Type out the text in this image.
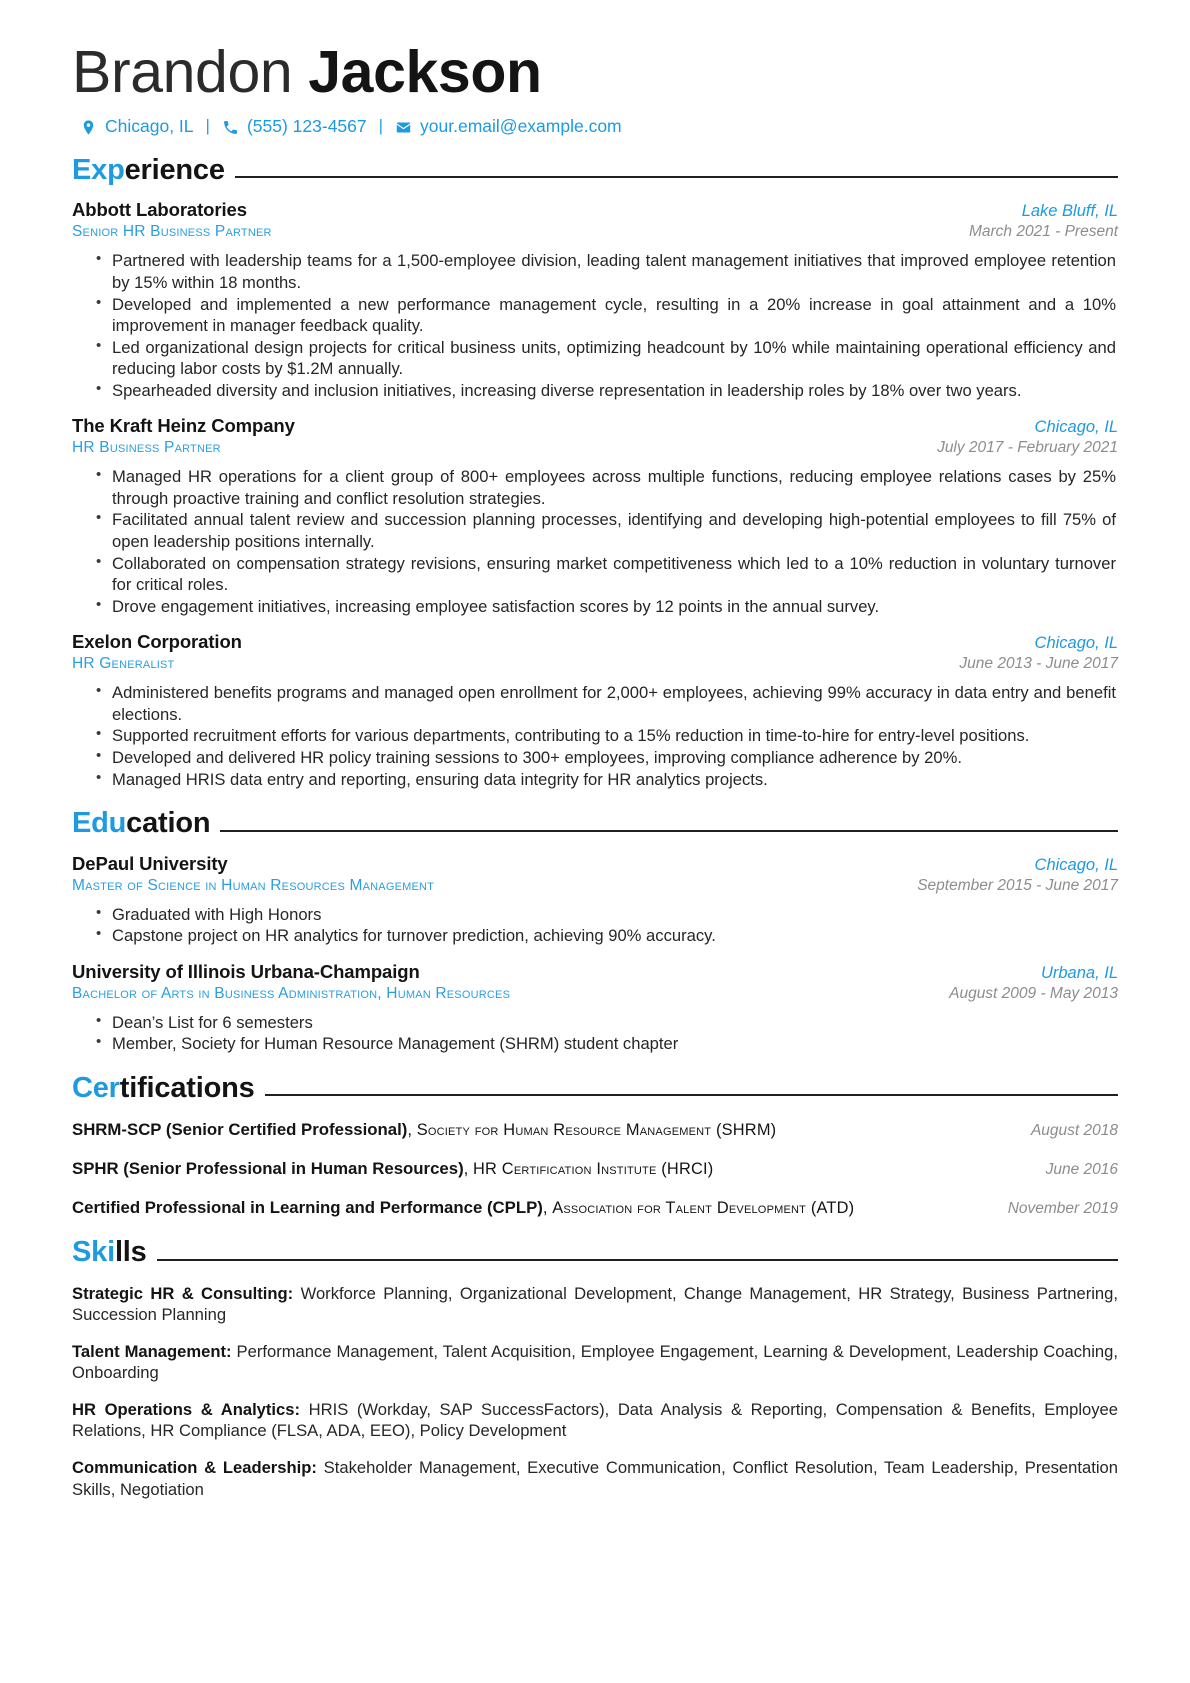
Brandon Jackson
Chicago, IL | (555) 123-4567 | your.email@example.com
Experience
Abbott Laboratories	Lake Bluff, IL
Senior HR Business Partner	March 2021 - Present
• Partnered with leadership teams for a 1,500-employee division, leading talent management initiatives that improved employee retention by 15% within 18 months.
• Developed and implemented a new performance management cycle, resulting in a 20% increase in goal attainment and a 10% improvement in manager feedback quality.
• Led organizational design projects for critical business units, optimizing headcount by 10% while maintaining operational efficiency and reducing labor costs by $1.2M annually.
• Spearheaded diversity and inclusion initiatives, increasing diverse representation in leadership roles by 18% over two years.
The Kraft Heinz Company	Chicago, IL
HR Business Partner	July 2017 - February 2021
• Managed HR operations for a client group of 800+ employees across multiple functions, reducing employee relations cases by 25% through proactive training and conflict resolution strategies.
• Facilitated annual talent review and succession planning processes, identifying and developing high-potential employees to fill 75% of open leadership positions internally.
• Collaborated on compensation strategy revisions, ensuring market competitiveness which led to a 10% reduction in voluntary turnover for critical roles.
• Drove engagement initiatives, increasing employee satisfaction scores by 12 points in the annual survey.
Exelon Corporation	Chicago, IL
HR Generalist	June 2013 - June 2017
• Administered benefits programs and managed open enrollment for 2,000+ employees, achieving 99% accuracy in data entry and benefit elections.
• Supported recruitment efforts for various departments, contributing to a 15% reduction in time-to-hire for entry-level positions.
• Developed and delivered HR policy training sessions to 300+ employees, improving compliance adherence by 20%.
• Managed HRIS data entry and reporting, ensuring data integrity for HR analytics projects.
Education
DePaul University	Chicago, IL
Master of Science in Human Resources Management	September 2015 - June 2017
• Graduated with High Honors
• Capstone project on HR analytics for turnover prediction, achieving 90% accuracy.
University of Illinois Urbana-Champaign	Urbana, IL
Bachelor of Arts in Business Administration, Human Resources	August 2009 - May 2013
• Dean’s List for 6 semesters
• Member, Society for Human Resource Management (SHRM) student chapter
Certifications
SHRM-SCP (Senior Certified Professional), Society for Human Resource Management (SHRM)	August 2018
SPHR (Senior Professional in Human Resources), HR Certification Institute (HRCI)	June 2016
Certified Professional in Learning and Performance (CPLP), Association for Talent Development (ATD)	November 2019
Skills
Strategic HR & Consulting: Workforce Planning, Organizational Development, Change Management, HR Strategy, Business Partnering, Succession Planning
Talent Management: Performance Management, Talent Acquisition, Employee Engagement, Learning & Development, Leadership Coaching, Onboarding
HR Operations & Analytics: HRIS (Workday, SAP SuccessFactors), Data Analysis & Reporting, Compensation & Benefits, Employee Relations, HR Compliance (FLSA, ADA, EEO), Policy Development
Communication & Leadership: Stakeholder Management, Executive Communication, Conflict Resolution, Team Leadership, Presentation Skills, Negotiation
